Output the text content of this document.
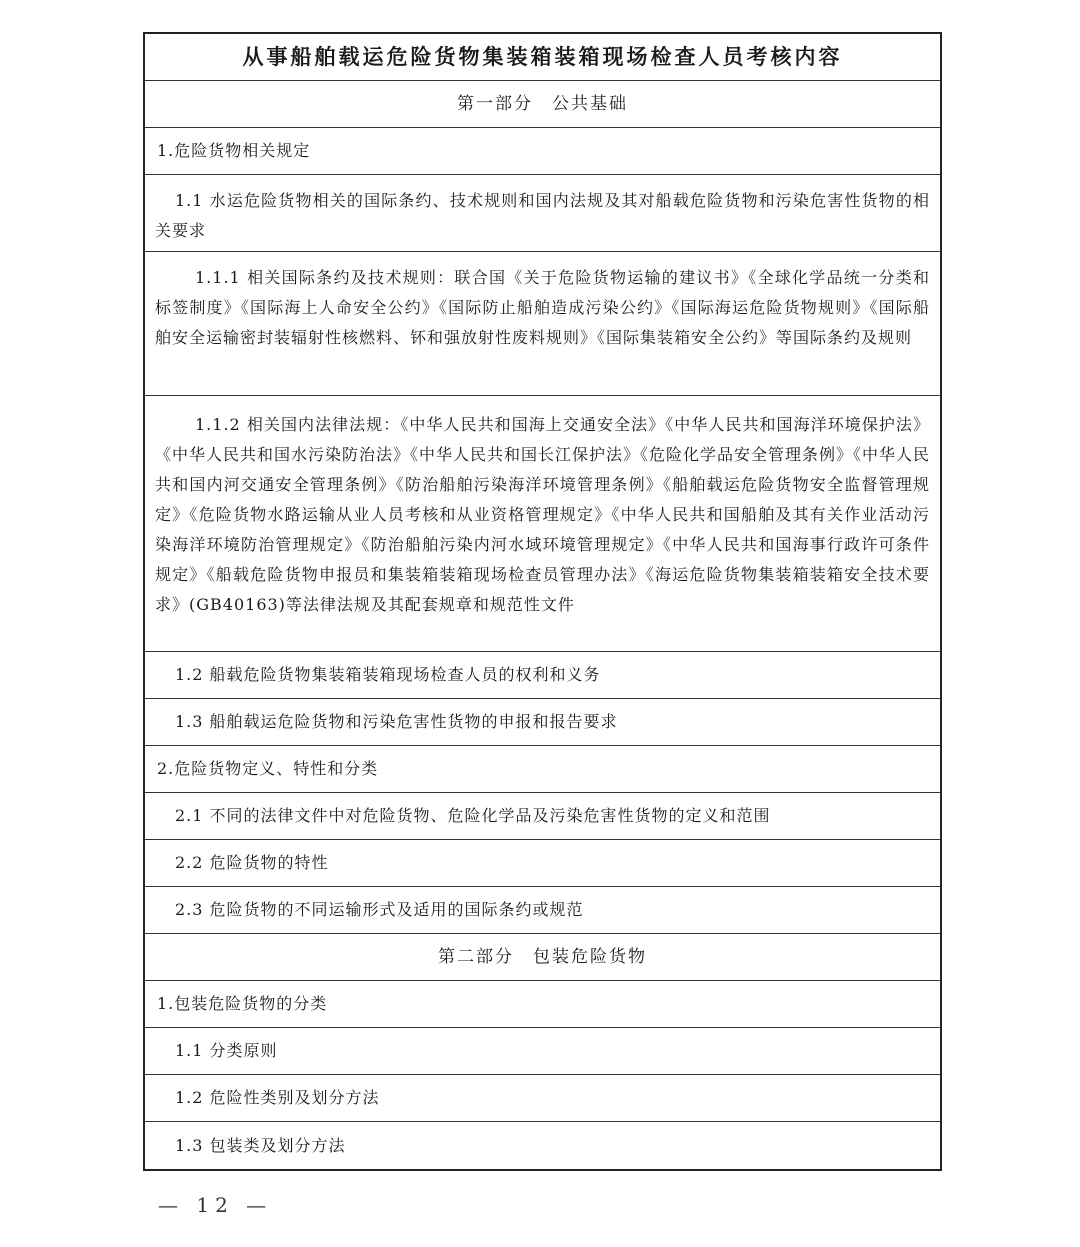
从事船舶载运危险货物集装箱装箱现场检查人员考核内容
第一部分　公共基础
1.危险货物相关规定
1.1 水运危险货物相关的国际条约、技术规则和国内法规及其对船载危险货物和污染危害性货物的相关要求
1.1.1 相关国际条约及技术规则：联合国《关于危险货物运输的建议书》《全球化学品统一分类和标签制度》《国际海上人命安全公约》《国际防止船舶造成污染公约》《国际海运危险货物规则》《国际船舶安全运输密封装辐射性核燃料、钚和强放射性废料规则》《国际集装箱安全公约》等国际条约及规则
1.1.2 相关国内法律法规：《中华人民共和国海上交通安全法》《中华人民共和国海洋环境保护法》《中华人民共和国水污染防治法》《中华人民共和国长江保护法》《危险化学品安全管理条例》《中华人民共和国内河交通安全管理条例》《防治船舶污染海洋环境管理条例》《船舶载运危险货物安全监督管理规定》《危险货物水路运输从业人员考核和从业资格管理规定》《中华人民共和国船舶及其有关作业活动污染海洋环境防治管理规定》《防治船舶污染内河水域环境管理规定》《中华人民共和国海事行政许可条件规定》《船载危险货物申报员和集装箱装箱现场检查员管理办法》《海运危险货物集装箱装箱安全技术要求》(GB40163)等法律法规及其配套规章和规范性文件
1.2 船载危险货物集装箱装箱现场检查人员的权利和义务
1.3 船舶载运危险货物和污染危害性货物的申报和报告要求
2.危险货物定义、特性和分类
2.1 不同的法律文件中对危险货物、危险化学品及污染危害性货物的定义和范围
2.2 危险货物的特性
2.3 危险货物的不同运输形式及适用的国际条约或规范
第二部分　包装危险货物
1.包装危险货物的分类
1.1 分类原则
1.2 危险性类别及划分方法
1.3 包装类及划分方法
— 12 —
